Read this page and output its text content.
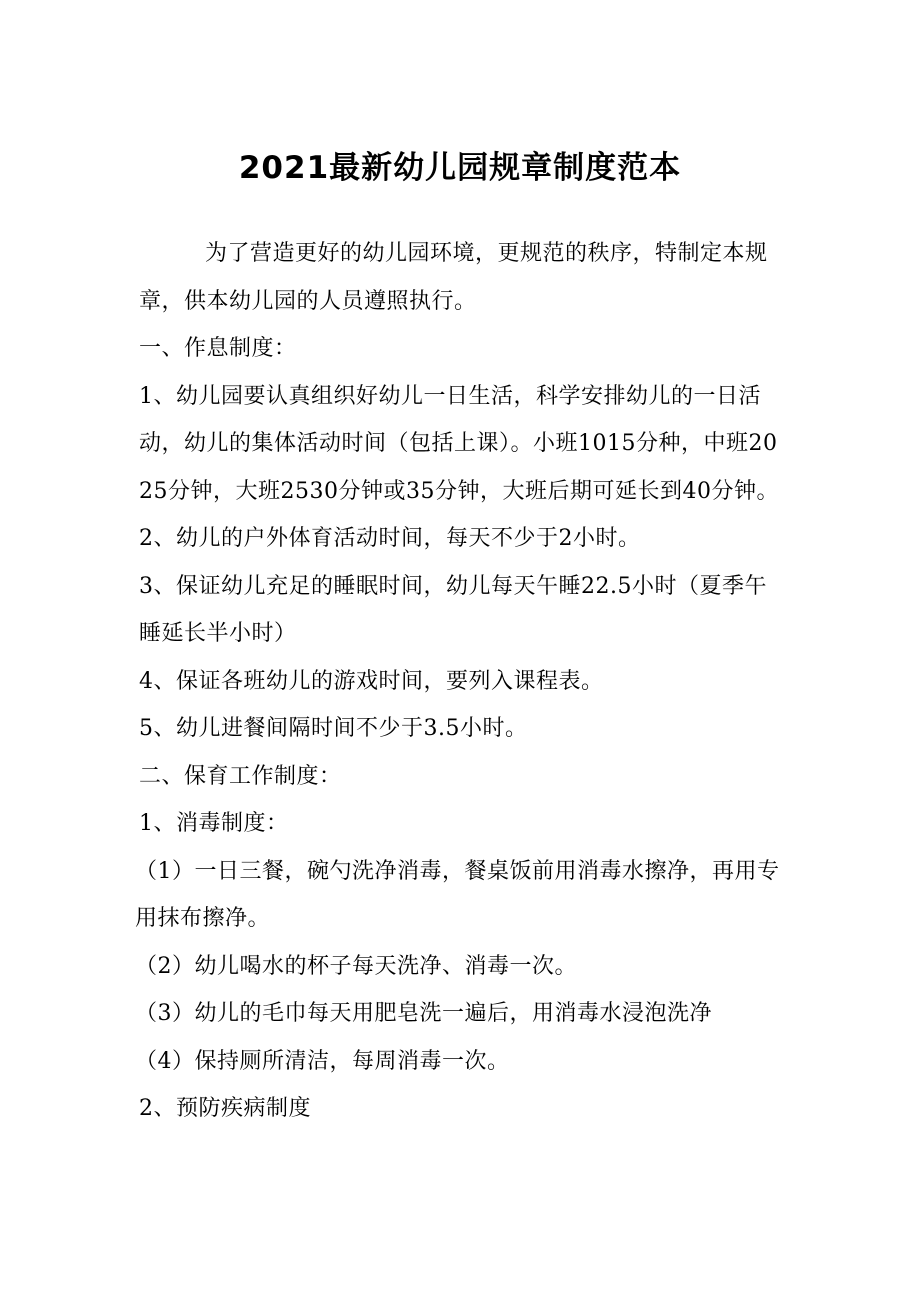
2021最新幼儿园规章制度范本

为了营造更好的幼儿园环境，更规范的秩序，特制定本规章，供本幼儿园的人员遵照执行。

一、作息制度：

1、幼儿园要认真组织好幼儿一日生活，科学安排幼儿的一日活动，幼儿的集体活动时间（包括上课）。小班1015分种，中班2025分钟，大班2530分钟或35分钟，大班后期可延长到40分钟。

2、幼儿的户外体育活动时间，每天不少于2小时。

3、保证幼儿充足的睡眠时间，幼儿每天午睡22.5小时（夏季午睡延长半小时）

4、保证各班幼儿的游戏时间，要列入课程表。

5、幼儿进餐间隔时间不少于3.5小时。

二、保育工作制度：

1、消毒制度：

（1）一日三餐，碗勺洗净消毒，餐桌饭前用消毒水擦净，再用专用抹布擦净。

（2）幼儿喝水的杯子每天洗净、消毒一次。

（3）幼儿的毛巾每天用肥皂洗一遍后，用消毒水浸泡洗净

（4）保持厕所清洁，每周消毒一次。

2、预防疾病制度
